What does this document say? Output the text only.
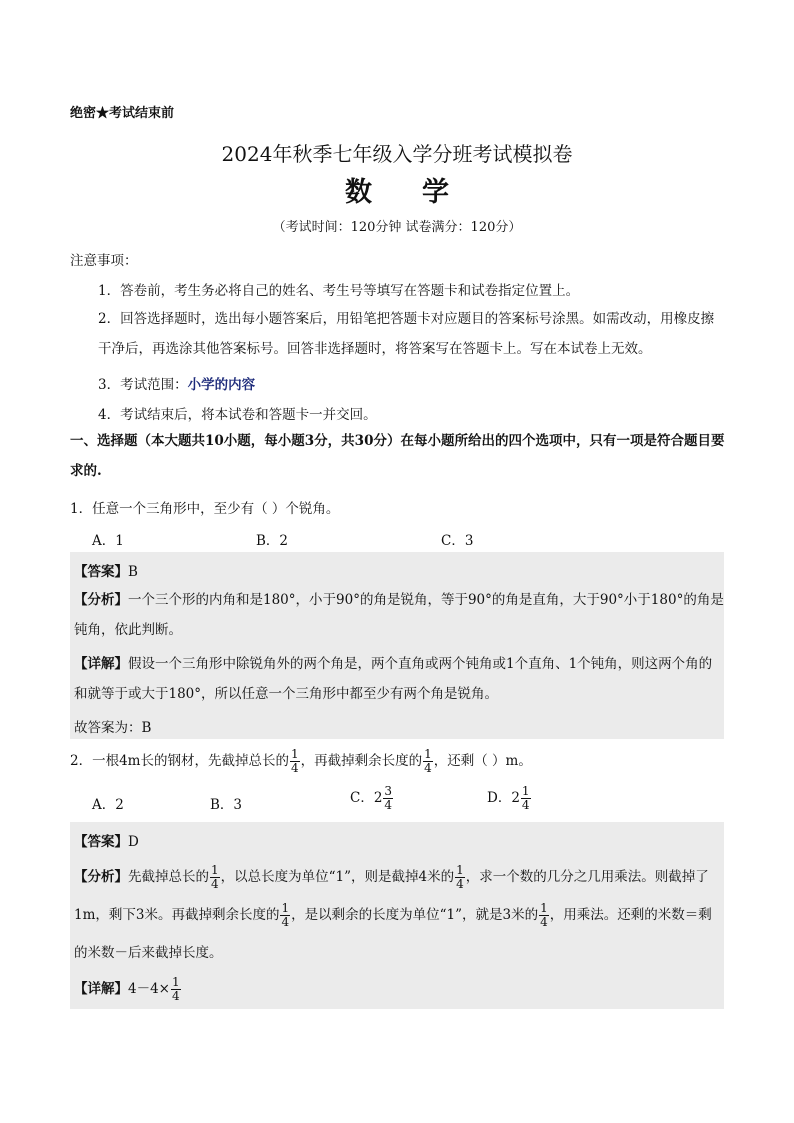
绝密★考试结束前
2024年秋季七年级入学分班考试模拟卷
数学
（考试时间：120分钟 试卷满分：120分）
注意事项：
1．答卷前，考生务必将自己的姓名、考生号等填写在答题卡和试卷指定位置上。
2．回答选择题时，选出每小题答案后，用铅笔把答题卡对应题目的答案标号涂黑。如需改动，用橡皮擦干净后，再选涂其他答案标号。回答非选择题时，将答案写在答题卡上。写在本试卷上无效。
3．考试范围：小学的内容
4．考试结束后，将本试卷和答题卡一并交回。
一、选择题（本大题共10小题，每小题3分，共30分）在每小题所给出的四个选项中，只有一项是符合题目要求的.
1．任意一个三角形中，至少有（ ）个锐角。
A．1	B．2	C．3
【答案】B
【分析】一个三个形的内角和是180°，小于90°的角是锐角，等于90°的角是直角，大于90°小于180°的角是钝角，依此判断。
【详解】假设一个三角形中除锐角外的两个角是，两个直角或两个钝角或1个直角、1个钝角，则这两个角的和就等于或大于180°，所以任意一个三角形中都至少有两个角是锐角。
故答案为：B
2．一根4m长的钢材，先截掉总长的 $\frac{1}{4}$ ，再截掉剩余长度的 $\frac{1}{4}$ ，还剩（ ）m。
A．2	B．3	C．$2 \frac{3}{4}$	D．$2 \frac{1}{4}$
【答案】D
【分析】先截掉总长的 $\frac{1}{4}$ ，以总长度为单位“1”，则是截掉4米的 $\frac{1}{4}$ ，求一个数的几分之几用乘法。则截掉了1m，剩下3米。再截掉剩余长度的 $\frac{1}{4}$ ，是以剩余的长度为单位“1”，就是3米的 $\frac{1}{4}$ ，用乘法。还剩的米数＝剩的米数－后来截掉长度。
【详解】$4-4\times \frac{1}{4}$
